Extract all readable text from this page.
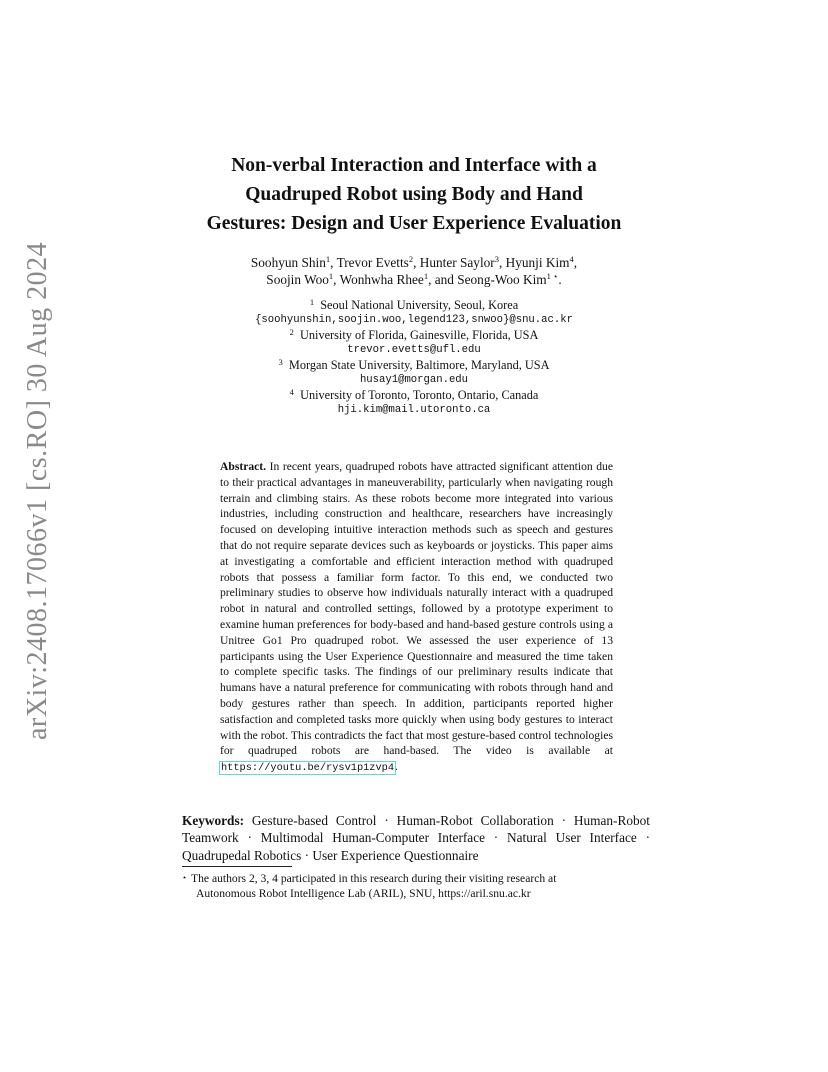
arXiv:2408.17066v1 [cs.RO] 30 Aug 2024
Non-verbal Interaction and Interface with a
Quadruped Robot using Body and Hand
Gestures: Design and User Experience Evaluation
Soohyun Shin$^1$, Trevor Evetts$^2$, Hunter Saylor$^3$, Hyunji Kim$^4$,
Soojin Woo$^1$, Wonhwha Rhee$^1$, and Seong-Woo Kim$^{1 ⋆}$.
$^1$ Seoul National University, Seoul, Korea
{soohyunshin,soojin.woo,legend123,snwoo}@snu.ac.kr
$^2$ University of Florida, Gainesville, Florida, USA
trevor.evetts@ufl.edu
$^3$ Morgan State University, Baltimore, Maryland, USA
husay1@morgan.edu
$^4$ University of Toronto, Toronto, Ontario, Canada
hji.kim@mail.utoronto.ca
Abstract. In recent years, quadruped robots have attracted significant attention due to their practical advantages in maneuverability, particularly when navigating rough terrain and climbing stairs. As these robots become more integrated into various industries, including construction and healthcare, researchers have increasingly focused on developing intuitive interaction methods such as speech and gestures that do not require separate devices such as keyboards or joysticks. This paper aims at investigating a comfortable and efficient interaction method with quadruped robots that possess a familiar form factor. To this end, we conducted two preliminary studies to observe how individuals naturally interact with a quadruped robot in natural and controlled settings, followed by a prototype experiment to examine human preferences for body-based and hand-based gesture controls using a Unitree Go1 Pro quadruped robot. We assessed the user experience of 13 participants using the User Experience Questionnaire and measured the time taken to complete specific tasks. The findings of our preliminary results indicate that humans have a natural preference for communicating with robots through hand and body gestures rather than speech. In addition, participants reported higher satisfaction and completed tasks more quickly when using body gestures to interact with the robot. This contradicts the fact that most gesture-based control technologies for quadruped robots are hand-based. The video is available at https://youtu.be/rysv1p1zvp4.
Keywords: Gesture-based Control · Human-Robot Collaboration · Human-Robot Teamwork · Multimodal Human-Computer Interface · Natural User Interface · Quadrupedal Robotics · User Experience Questionnaire
⋆ The authors 2, 3, 4 participated in this research during their visiting research at
Autonomous Robot Intelligence Lab (ARIL), SNU, https://aril.snu.ac.kr
